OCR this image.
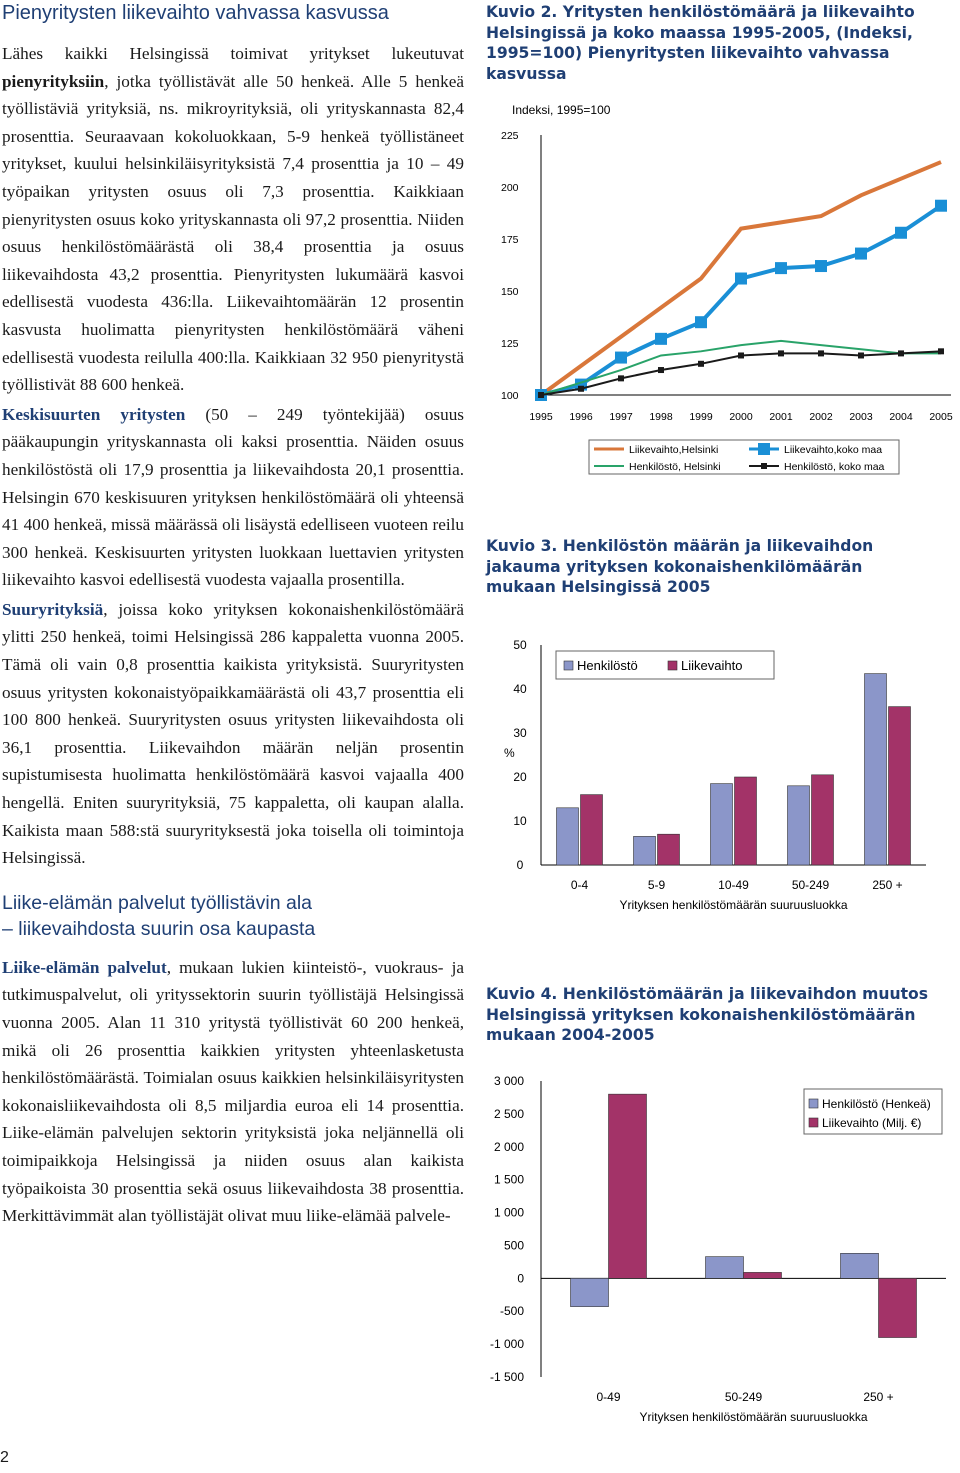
Pienyritysten liikevaihto vahvassa kasvussa

Lähes kaikki Helsingissä toimivat yritykset lukeutuvat pienyrityksiin, jotka työllistävät alle 50 henkeä. Alle 5 henkeä työllistäviä yrityksiä, ns. mikroyrityksiä, oli yrityskannasta 82,4 prosenttia. Seuraavaan kokoluokkaan, 5-9 henkeä työllistäneet yritykset, kuului helsinkiläisyrityksistä 7,4 prosenttia ja 10 – 49 työpaikan yritysten osuus oli 7,3 prosenttia. Kaikkiaan pienyritysten osuus koko yrityskannasta oli 97,2 prosenttia. Niiden osuus henkilöstömäärästä oli 38,4 prosenttia ja osuus liikevaihdosta 43,2 prosenttia. Pienyritysten lukumäärä kasvoi edellisestä vuodesta 436:lla. Liikevaihtomäärän 12 prosentin kasvusta huolimatta pienyritysten henkilöstömäärä väheni edellisestä vuodesta reilulla 400:lla. Kaikkiaan 32 950 pienyritystä työllistivät 88 600 henkeä.

Keskisuurten yritysten (50 – 249 työntekijää) osuus pääkaupungin yrityskannasta oli kaksi prosenttia. Näiden osuus henkilöstöstä oli 17,9 prosenttia ja liikevaihdosta 20,1 prosenttia. Helsingin 670 keskisuuren yrityksen henkilöstömäärä oli yhteensä 41 400 henkeä, missä määrässä oli lisäystä edelliseen vuoteen reilu 300 henkeä. Keskisuurten yritysten luokkaan luettavien yritysten liikevaihto kasvoi edellisestä vuodesta vajaalla prosentilla.

Suuryrityksiä, joissa koko yrityksen kokonaishenkilöstömäärä ylitti 250 henkeä, toimi Helsingissä 286 kappaletta vuonna 2005. Tämä oli vain 0,8 prosenttia kaikista yrityksistä. Suuryritysten osuus yritysten kokonaistyöpaikkamäärästä oli 43,7 prosenttia eli 100 800 henkeä. Suuryritysten osuus yritysten liikevaihdosta oli 36,1 prosenttia. Liikevaihdon määrän neljän prosentin supistumisesta huolimatta henkilöstömäärä kasvoi vajaalla 400 hengellä. Eniten suuryrityksiä, 75 kappaletta, oli kaupan alalla. Kaikista maan 588:stä suuryrityksestä joka toisella oli toimintoja Helsingissä.

Liike-elämän palvelut työllistävin ala
– liikevaihdosta suurin osa kaupasta

Liike-elämän palvelut, mukaan lukien kiinteistö-, vuokraus- ja tutkimuspalvelut, oli yrityssektorin suurin työllistäjä Helsingissä vuonna 2005. Alan 11 310 yritystä työllistivät 60 200 henkeä, mikä oli 26 prosenttia kaikkien yritysten yhteenlasketusta henkilöstömäärästä. Toimialan osuus kaikkien helsinkiläisyritysten kokonaisliikevaihdosta oli 8,5 miljardia euroa eli 14 prosenttia. Liike-elämän palvelujen sektorin yrityksistä joka neljännellä oli toimipaikkoja Helsingissä ja niiden osuus alan kaikista työpaikoista 30 prosenttia sekä osuus liikevaihdosta 38 prosenttia. Merkittävimmät alan työllistäjät olivat muu liike-elämää palvele-

2

Kuvio 2. Yritysten henkilöstömäärä ja liikevaihto Helsingissä ja koko maassa 1995-2005, (Indeksi, 1995=100) Pienyritysten liikevaihto vahvassa kasvussa

Indeksi, 1995=100
225
200
175
150
125
100
1995 1996 1997 1998 1999 2000 2001 2002 2003 2004 2005
Liikevaihto,Helsinki	Liikevaihto,koko maa
Henkilöstö, Helsinki	Henkilöstö, koko maa

Kuvio 3. Henkilöstön määrän ja liikevaihdon jakauma yrityksen kokonaishenkilömäärän mukaan Helsingissä 2005

50
40
30
20
10
0
%
0-4	5-9	10-49	50-249	250 +
Yrityksen henkilöstömäärän suuruusluokka
Henkilöstö	Liikevaihto

Kuvio 4. Henkilöstömäärän ja liikevaihdon muutos Helsingissä yrityksen kokonaishenkilöstömäärän mukaan 2004-2005

3 000
2 500
2 000
1 500
1 000
500
0
-500
-1 000
-1 500
0-49	50-249	250 +
Yrityksen henkilöstömäärän suuruusluokka
Henkilöstö (Henkeä)
Liikevaihto (Milj. €)
